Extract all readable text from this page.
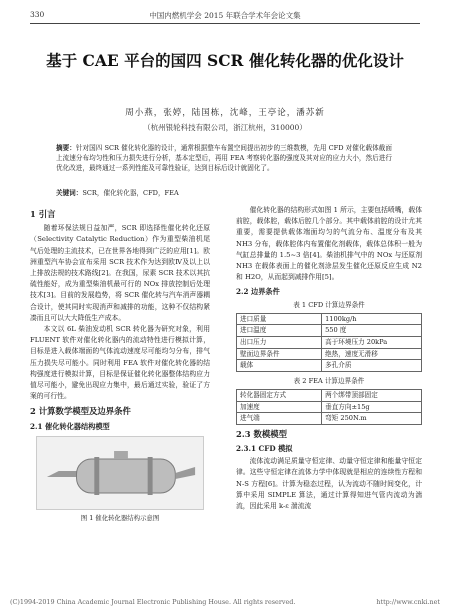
330	中国内燃机学会 2015 年联合学术年会论文集
基于 CAE 平台的国四 SCR 催化转化器的优化设计
周小燕，张婷，陆国栋，沈峰，王亭论，潘苏新
（杭州银轮科技有限公司，浙江杭州，310000）
摘要：针对国四 SCR 催化转化器的设计，通常根据整车布置空间提出初步的三维数模，先用 CFD 对催化载体截面上流速分布均匀性和压力损失进行分析，基本定型后，再用 FEA 考察转化器的强度及其对应的应力大小，然后进行优化改进，最终通过一系列性能及可靠性验证，达到目标后设计就固化了。
关键词：SCR，催化转化器，CFD，FEA
1 引言

随着环保法规日益加严，SCR 即选择性催化转化还原（Selectivity Catalytic Reduction）作为重型柴油机尾气后处理的主流技术，已在世界各地得到广泛的应用[1]。欧洲重型汽车协会宣布采用 SCR 技术作为达到欧Ⅳ及以上以上排放法规的技术路线[2]。在我国，尿素 SCR 技术以其抗硫性能好，成为重型柴油机最可行的 NOx 排放控制后处理技术[3]。目前的发展趋势，将 SCR 催化转与汽车消声器耦合设计，使其同时实现消声和减排的功能，这种不仅结构紧凑而且可以大大降低生产成本。

本文以 6L 柴油发动机 SCR 转化器为研究对象，利用 FLUENT 软件对催化转化器内的流动特性进行模拟计算，目标是进入载体端面的气体流动速度尽可能均匀分布，排气压力损失尽可能小。同时利用 FEA 软件对催化转化器的结构强度进行模拟计算，目标是保证催化转化器整体结构应力值尽可能小，避免出现应力集中，最后通过实验，验证了方案的可行性。

2 计算数学模型及边界条件
2.1 催化转化器结构模型
图 1 催化转化器结构示意图

催化转化器的结构形式如图 1 所示，主要包括喷嘴，载体前腔，载体腔，载体后腔几个部分。其中载体前腔的设计尤其重要，需要提供载体端面均匀的气流分布、温度分布及其 NH3 分布，载体腔体内布置催化剂载体，载体总体积一般为气缸总排量的 1.5~3 倍[4]。柴油机排气中的 NOx 与还原剂 NH3 在载体表面上的催化剂涂层发生催化还原反应生成 N2 和 H2O，从而起到减排作用[5]。

2.2 边界条件
表 1 CFD 计算边界条件
进口质量	1100kg/h
进口温度	550 度
出口压力	高于环境压力 20kPa
壁面边界条件	绝热，速度无滑移
载体	多孔介质
表 2 FEA 计算边界条件
转化器固定方式	两个绑带顶部固定
加速度	垂直方向±15g
进气端	弯矩 250N.m
2.3 数模模型
2.3.1 CFD 模拟

流体流动满足质量守恒定律、动量守恒定律和能量守恒定律。这些守恒定律在流体力学中体现就是相应的连续性方程和 N-S 方程[6]。计算为稳态过程，认为流动不随时间变化，计算中采用 SIMPLE 算法，通过计算得知进气管内流动为湍流，因此采用 k-ε 湍流流

(C)1994-2019 China Academic Journal Electronic Publishing House. All rights reserved.	http://www.cnki.net
